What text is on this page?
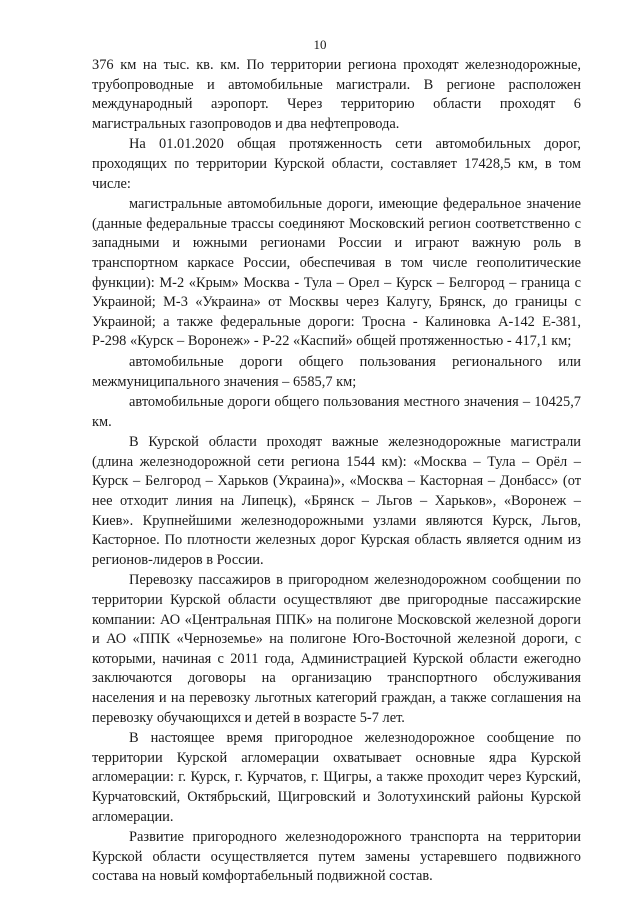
10

376 км на тыс. кв. км. По территории региона проходят железнодорожные, трубопроводные и автомобильные магистрали. В регионе расположен международный аэропорт. Через территорию области проходят 6 магистральных газопроводов и два нефтепровода.

На 01.01.2020 общая протяженность сети автомобильных дорог, проходящих по территории Курской области, составляет 17428,5 км, в том числе:

магистральные автомобильные дороги, имеющие федеральное значение (данные федеральные трассы соединяют Московский регион соответственно с западными и южными регионами России и играют важную роль в транспортном каркасе России, обеспечивая в том числе геополитические функции): М-2 «Крым» Москва - Тула – Орел – Курск – Белгород – граница с Украиной; М-3 «Украина» от Москвы через Калугу, Брянск, до границы с Украиной; а также федеральные дороги: Тросна - Калиновка А-142 Е-381, Р-298 «Курск – Воронеж» - Р-22 «Каспий» общей протяженностью - 417,1 км;

автомобильные дороги общего пользования регионального или межмуниципального значения – 6585,7 км;

автомобильные дороги общего пользования местного значения – 10425,7 км.

В Курской области проходят важные железнодорожные магистрали (длина железнодорожной сети региона 1544 км): «Москва – Тула – Орёл – Курск – Белгород – Харьков (Украина)», «Москва – Касторная – Донбасс» (от нее отходит линия на Липецк), «Брянск – Льгов – Харьков», «Воронеж – Киев». Крупнейшими железнодорожными узлами являются Курск, Льгов, Касторное. По плотности железных дорог Курская область является одним из регионов-лидеров в России.

Перевозку пассажиров в пригородном железнодорожном сообщении по территории Курской области осуществляют две пригородные пассажирские компании: АО «Центральная ППК» на полигоне Московской железной дороги и АО «ППК «Черноземье» на полигоне Юго-Восточной железной дороги, с которыми, начиная с 2011 года, Администрацией Курской области ежегодно заключаются договоры на организацию транспортного обслуживания населения и на перевозку льготных категорий граждан, а также соглашения на перевозку обучающихся и детей в возрасте 5-7 лет.

В настоящее время пригородное железнодорожное сообщение по территории Курской агломерации охватывает основные ядра Курской агломерации: г. Курск, г. Курчатов, г. Щигры, а также проходит через Курский, Курчатовский, Октябрьский, Щигровский и Золотухинский районы Курской агломерации.

Развитие пригородного железнодорожного транспорта на территории Курской области осуществляется путем замены устаревшего подвижного состава на новый комфортабельный подвижной состав.
